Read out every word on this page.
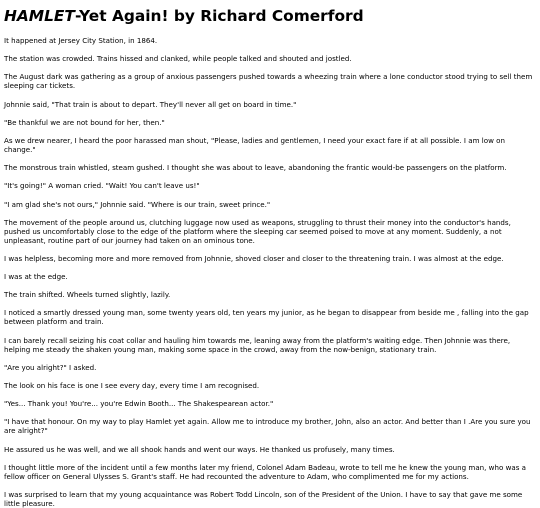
HAMLET-Yet Again! by Richard Comerford

It happened at Jersey City Station, in 1864.

The station was crowded. Trains hissed and clanked, while people talked and shouted and jostled.

The August dark was gathering as a group of anxious passengers pushed towards a wheezing train where a lone conductor stood trying to sell them sleeping car tickets.

Johnnie said, "That train is about to depart. They'll never all get on board in time."

"Be thankful we are not bound for her, then."

As we drew nearer, I heard the poor harassed man shout, "Please, ladies and gentlemen, I need your exact fare if at all possible. I am low on change."

The monstrous train whistled, steam gushed. I thought she was about to leave, abandoning the frantic would-be passengers on the platform.

"It's going!" A woman cried. "Wait! You can't leave us!"

"I am glad she's not ours," Johnnie said. "Where is our train, sweet prince."

The movement of the people around us, clutching luggage now used as weapons, struggling to thrust their money into the conductor's hands, pushed us uncomfortably close to the edge of the platform where the sleeping car seemed poised to move at any moment. Suddenly, a not unpleasant, routine part of our journey had taken on an ominous tone.

I was helpless, becoming more and more removed from Johnnie, shoved closer and closer to the threatening train. I was almost at the edge.

I was at the edge.

The train shifted. Wheels turned slightly, lazily.

I noticed a smartly dressed young man, some twenty years old, ten years my junior, as he began to disappear from beside me , falling into the gap between platform and train.

I can barely recall seizing his coat collar and hauling him towards me, leaning away from the platform's waiting edge. Then Johnnie was there, helping me steady the shaken young man, making some space in the crowd, away from the now-benign, stationary train.

"Are you alright?" I asked.

The look on his face is one I see every day, every time I am recognised.

"Yes... Thank you! You're... you're Edwin Booth... The Shakespearean actor."

"I have that honour. On my way to play Hamlet yet again. Allow me to introduce my brother, John, also an actor. And better than I .Are you sure you are alright?"

He assured us he was well, and we all shook hands and went our ways. He thanked us profusely, many times.

I thought little more of the incident until a few months later my friend, Colonel Adam Badeau, wrote to tell me he knew the young man, who was a fellow officer on General Ulysses S. Grant's staff. He had recounted the adventure to Adam, who complimented me for my actions.

I was surprised to learn that my young acquaintance was Robert Todd Lincoln, son of the President of the Union. I have to say that gave me some little pleasure.
